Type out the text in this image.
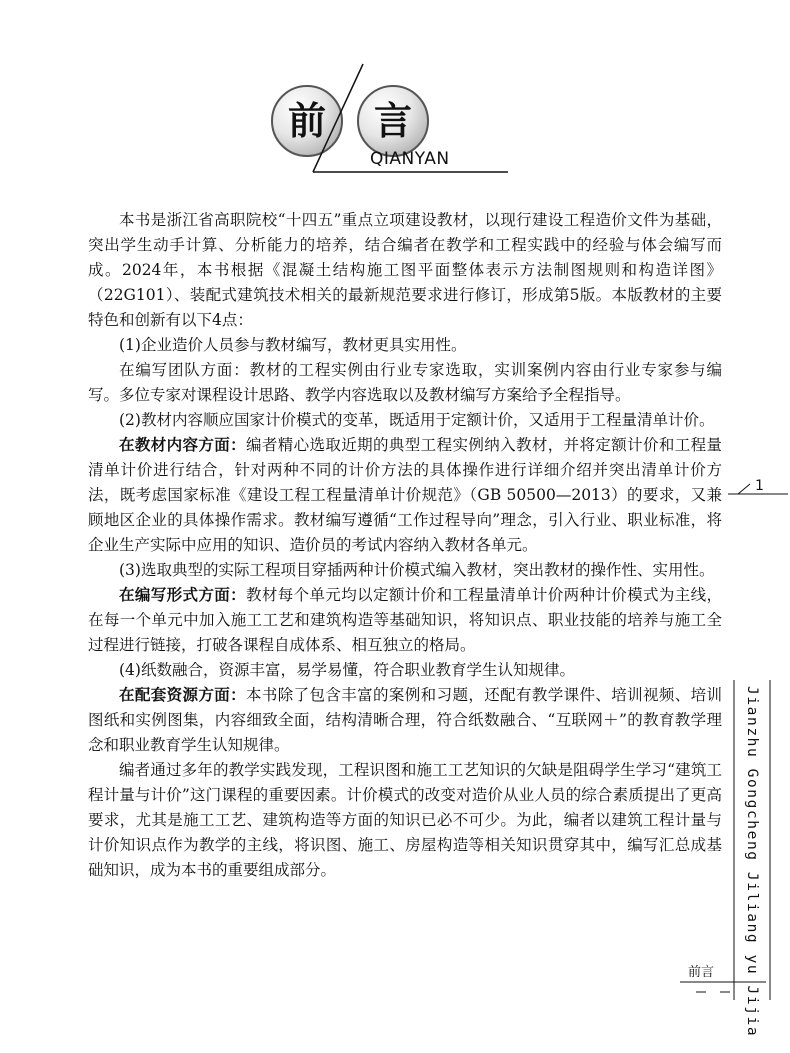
前 言
QIANYAN

本书是浙江省高职院校“十四五”重点立项建设教材，以现行建设工程造价文件为基础，突出学生动手计算、分析能力的培养，结合编者在教学和工程实践中的经验与体会编写而成。2024年，本书根据《混凝土结构施工图平面整体表示方法制图规则和构造详图》（22G101）、装配式建筑技术相关的最新规范要求进行修订，形成第5版。本版教材的主要特色和创新有以下4点：

(1)企业造价人员参与教材编写，教材更具实用性。

在编写团队方面：教材的工程实例由行业专家选取，实训案例内容由行业专家参与编写。多位专家对课程设计思路、教学内容选取以及教材编写方案给予全程指导。

(2)教材内容顺应国家计价模式的变革，既适用于定额计价，又适用于工程量清单计价。

在教材内容方面：编者精心选取近期的典型工程实例纳入教材，并将定额计价和工程量清单计价进行结合，针对两种不同的计价方法的具体操作进行详细介绍并突出清单计价方法，既考虑国家标准《建设工程工程量清单计价规范》（GB 50500—2013）的要求，又兼顾地区企业的具体操作需求。教材编写遵循“工作过程导向”理念，引入行业、职业标准，将企业生产实际中应用的知识、造价员的考试内容纳入教材各单元。

(3)选取典型的实际工程项目穿插两种计价模式编入教材，突出教材的操作性、实用性。

在编写形式方面：教材每个单元均以定额计价和工程量清单计价两种计价模式为主线，在每一个单元中加入施工工艺和建筑构造等基础知识，将知识点、职业技能的培养与施工全过程进行链接，打破各课程自成体系、相互独立的格局。

(4)纸数融合，资源丰富，易学易懂，符合职业教育学生认知规律。

在配套资源方面：本书除了包含丰富的案例和习题，还配有教学课件、培训视频、培训图纸和实例图集，内容细致全面，结构清晰合理，符合纸数融合、“互联网＋”的教育教学理念和职业教育学生认知规律。

编者通过多年的教学实践发现，工程识图和施工工艺知识的欠缺是阻碍学生学习“建筑工程计量与计价”这门课程的重要因素。计价模式的改变对造价从业人员的综合素质提出了更高要求，尤其是施工工艺、建筑构造等方面的知识已必不可少。为此，编者以建筑工程计量与计价知识点作为教学的主线，将识图、施工、房屋构造等相关知识贯穿其中，编写汇总成基础知识，成为本书的重要组成部分。

1
Jianzhu Gongcheng Jiliang yu Jijia
前言
